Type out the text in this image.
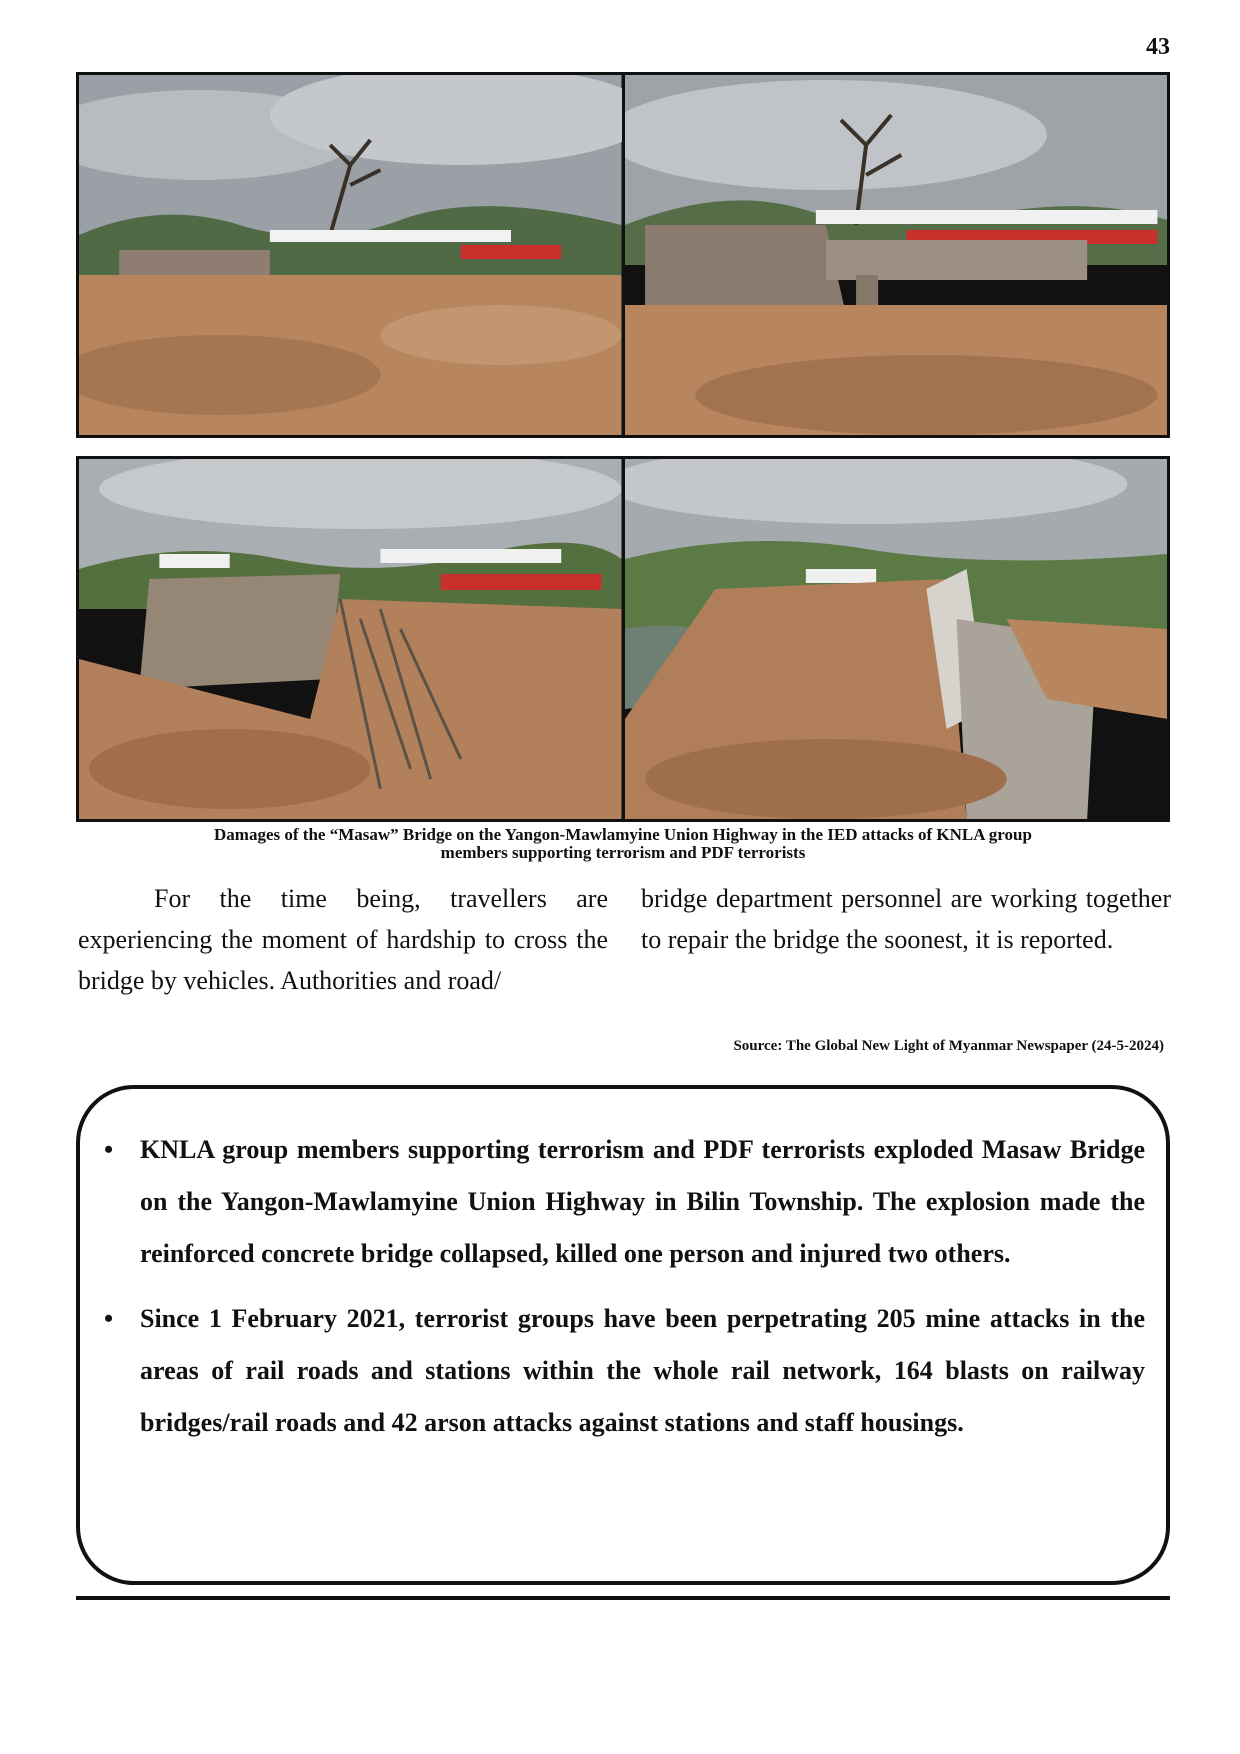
43
Damages of the “Masaw” Bridge on the Yangon-Mawlamyine Union Highway in the IED attacks of KNLA group
members supporting terrorism and PDF terrorists
For the time being, travellers are experiencing the moment of hardship to cross the bridge by vehicles. Authorities and road/
bridge department personnel are working together to repair the bridge the soonest, it is reported.
Source: The Global New Light of Myanmar Newspaper (24-5-2024)
• KNLA group members supporting terrorism and PDF terrorists exploded Masaw Bridge on the Yangon-Mawlamyine Union Highway in Bilin Township. The explosion made the reinforced concrete bridge collapsed, killed one person and injured two others.
• Since 1 February 2021, terrorist groups have been perpetrating 205 mine attacks in the areas of rail roads and stations within the whole rail network, 164 blasts on railway bridges/rail roads and 42 arson attacks against stations and staff housings.
